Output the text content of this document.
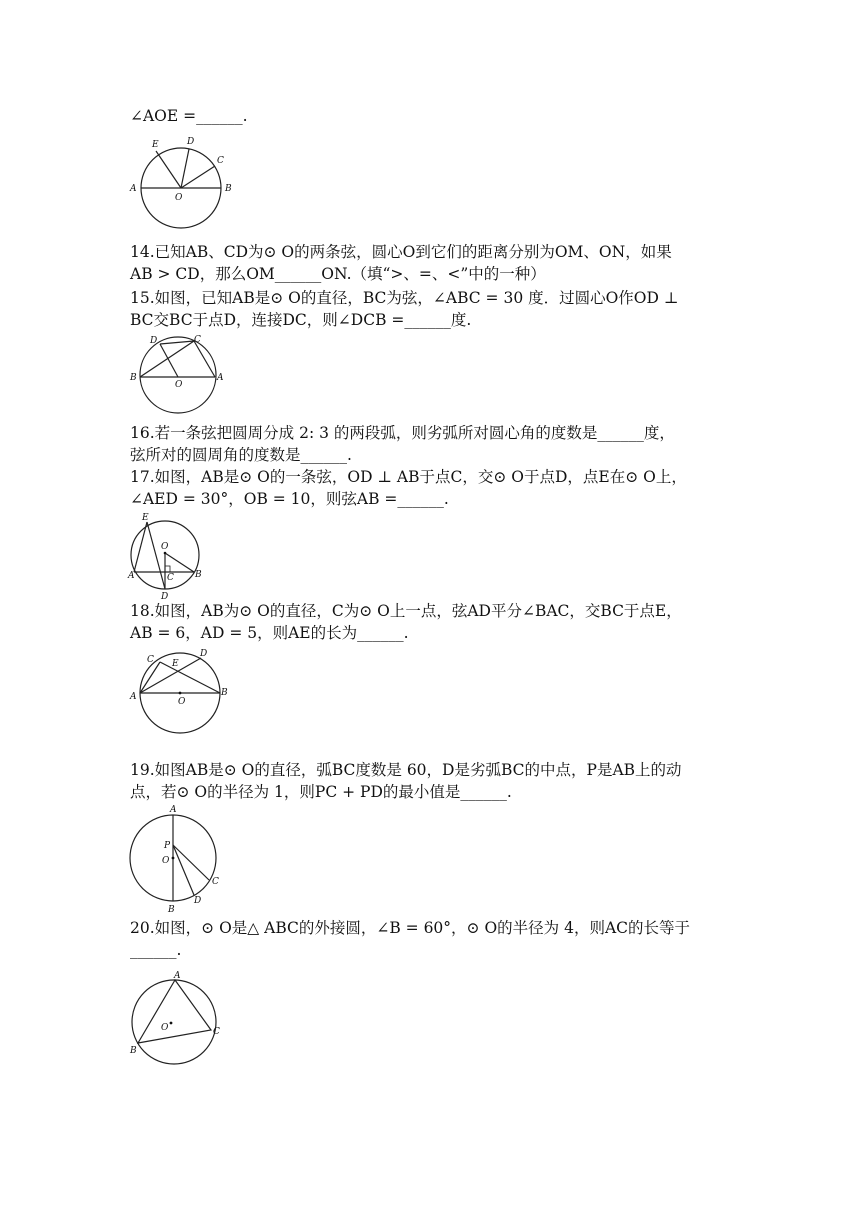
∠AOE =______.
A	B
C
D
E
O
14.已知AB、CD为⊙ O的两条弦，圆心O到它们的距离分别为OM、ON，如果
AB > CD，那么OM______ON.（填“>、=、<”中的一种）
15.如图，已知AB是⊙ O的直径，BC为弦，∠ABC = 30 度．过圆心O作OD ⊥
BC交BC于点D，连接DC，则∠DCB =______度.
B	A
D	C
O
16.若一条弦把圆周分成 2: 3 的两段弧，则劣弧所对圆心角的度数是______度，
弦所对的圆周角的度数是______.
17.如图，AB是⊙ O的一条弦，OD ⊥ AB于点C，交⊙ O于点D，点E在⊙ O上，
∠AED = 30°，OB = 10，则弦AB =______.
E
O
A	B
C
D
18.如图，AB为⊙ O的直径，C为⊙ O上一点，弦AD平分∠BAC，交BC于点E，
AB = 6，AD = 5，则AE的长为______.
A	B
C
D
E
O
19.如图AB是⊙ O的直径，弧BC度数是 60，D是劣弧BC的中点，P是AB上的动
点，若⊙ O的半径为 1，则PC + PD的最小值是______.
A
P
O
C
D
B
20.如图，⊙ O是△ ABC的外接圆，∠B = 60°，⊙ O的半径为 4，则AC的长等于
______.
A
B
C
O
